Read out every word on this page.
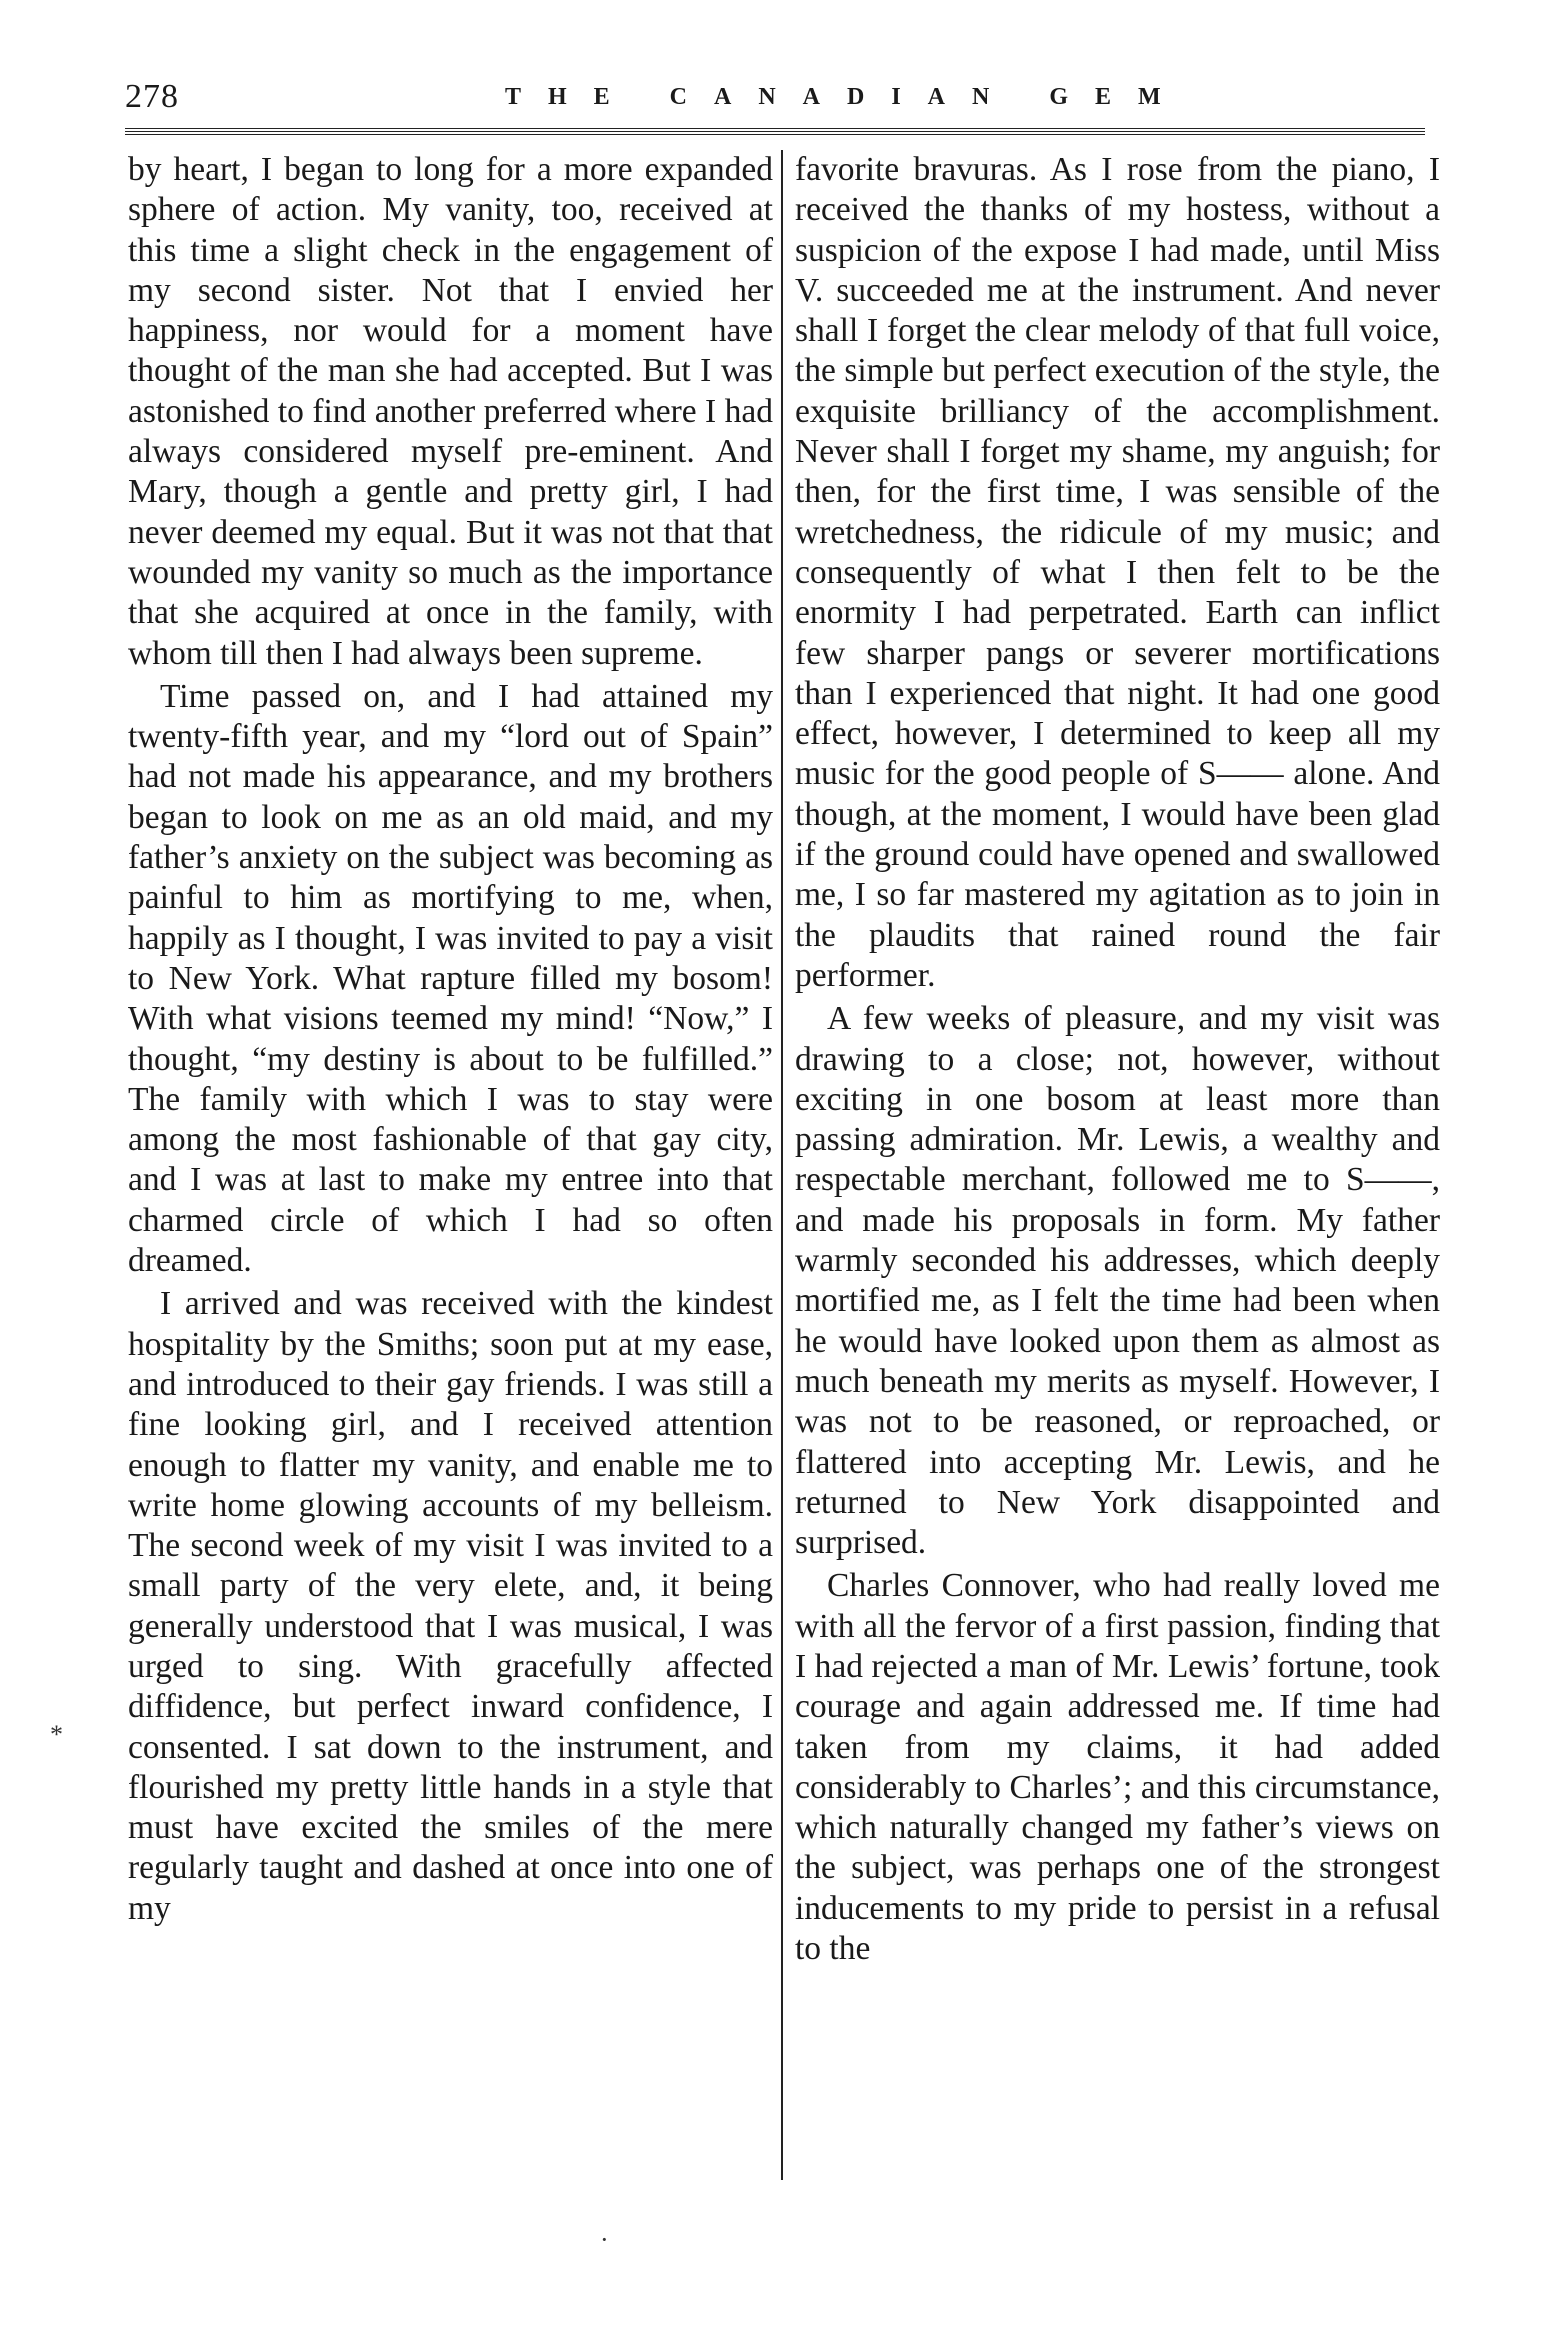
278	THE CANADIAN GEM

by heart, I began to long for a more expanded sphere of action. My vanity, too, received at this time a slight check in the engagement of my second sister. Not that I envied her happiness, nor would for a moment have thought of the man she had accepted. But I was astonished to find another preferred where I had always considered myself pre-eminent. And Mary, though a gentle and pretty girl, I had never deemed my equal. But it was not that that wounded my vanity so much as the importance that she acquired at once in the family, with whom till then I had always been supreme.

Time passed on, and I had attained my twenty-fifth year, and my “lord out of Spain” had not made his appearance, and my brothers began to look on me as an old maid, and my father’s anxiety on the subject was becoming as painful to him as mortifying to me, when, happily as I thought, I was invited to pay a visit to New York. What rapture filled my bosom! With what visions teemed my mind! “Now,” I thought, “my destiny is about to be fulfilled.” The family with which I was to stay were among the most fashionable of that gay city, and I was at last to make my entree into that charmed circle of which I had so often dreamed.

I arrived and was received with the kindest hospitality by the Smiths; soon put at my ease, and introduced to their gay friends. I was still a fine looking girl, and I received attention enough to flatter my vanity, and enable me to write home glowing accounts of my belleism. The second week of my visit I was invited to a small party of the very elete, and, it being generally understood that I was musical, I was urged to sing. With gracefully affected diffidence, but perfect inward confidence, I consented. I sat down to the instrument, and flourished my pretty little hands in a style that must have excited the smiles of the mere regularly taught and dashed at once into one of my

favorite bravuras. As I rose from the piano, I received the thanks of my hostess, without a suspicion of the expose I had made, until Miss V. succeeded me at the instrument. And never shall I forget the clear melody of that full voice, the simple but perfect execution of the style, the exquisite brilliancy of the accomplishment. Never shall I forget my shame, my anguish; for then, for the first time, I was sensible of the wretchedness, the ridicule of my music; and consequently of what I then felt to be the enormity I had perpetrated. Earth can inflict few sharper pangs or severer mortifications than I experienced that night. It had one good effect, however, I determined to keep all my music for the good people of S—— alone. And though, at the moment, I would have been glad if the ground could have opened and swallowed me, I so far mastered my agitation as to join in the plaudits that rained round the fair performer.

A few weeks of pleasure, and my visit was drawing to a close; not, however, without exciting in one bosom at least more than passing admiration. Mr. Lewis, a wealthy and respectable merchant, followed me to S——, and made his proposals in form. My father warmly seconded his addresses, which deeply mortified me, as I felt the time had been when he would have looked upon them as almost as much beneath my merits as myself. However, I was not to be reasoned, or reproached, or flattered into accepting Mr. Lewis, and he returned to New York disappointed and surprised.

Charles Connover, who had really loved me with all the fervor of a first passion, finding that I had rejected a man of Mr. Lewis’ fortune, took courage and again addressed me. If time had taken from my claims, it had added considerably to Charles’; and this circumstance, which naturally changed my father’s views on the subject, was perhaps one of the strongest inducements to my pride to persist in a refusal to the

*
·
